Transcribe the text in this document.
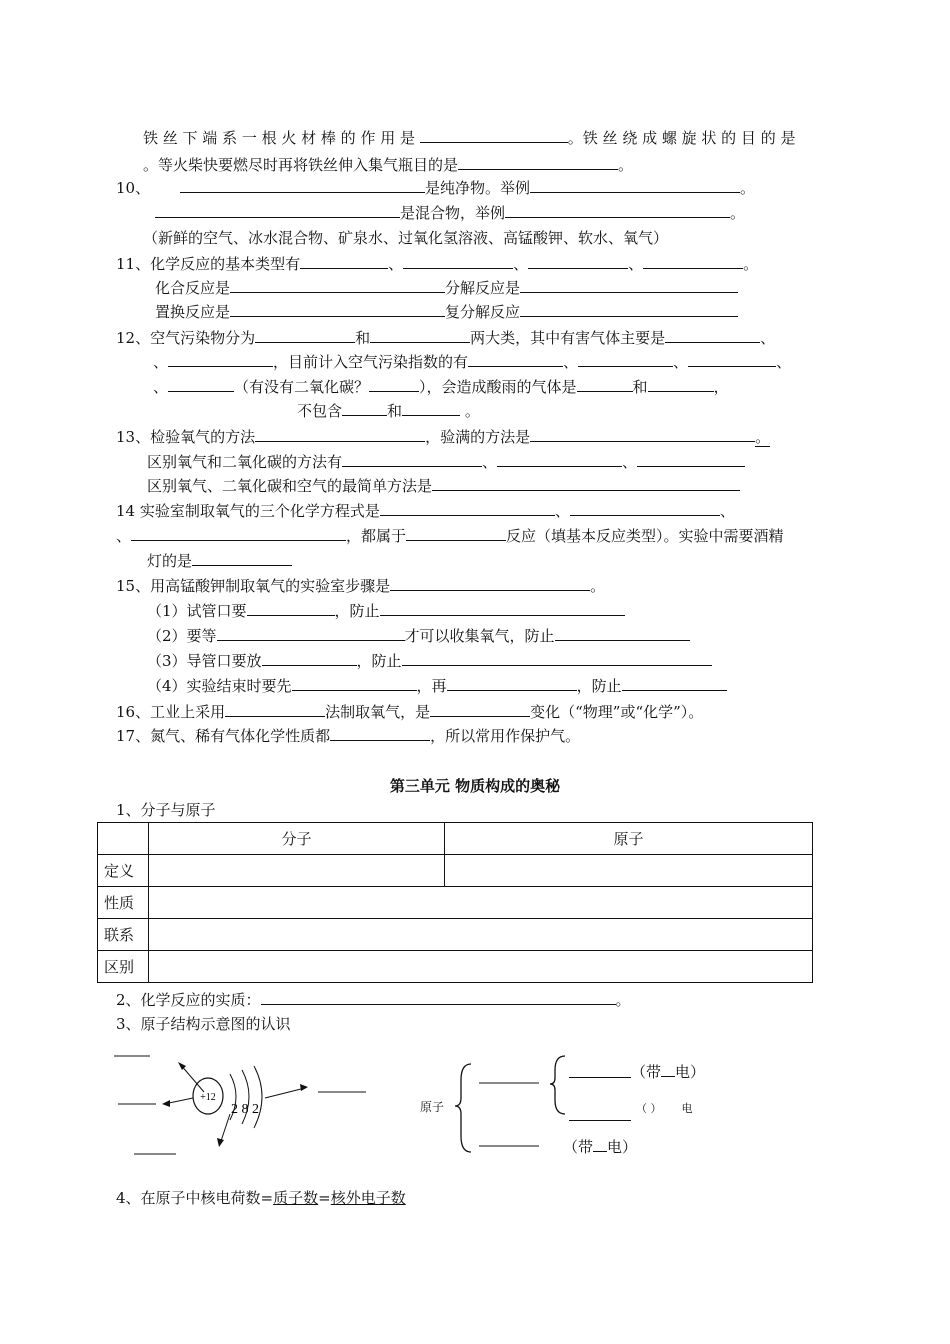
铁 丝 下 端 系 一 根 火 材 棒 的 作 用 是	。铁 丝 绕 成 螺 旋 状 的 目 的 是
。等火柴快要燃尽时再将铁丝伸入集气瓶目的是	。
10、	是纯净物。举例	。
是混合物，举例	。
（新鲜的空气、冰水混合物、矿泉水、过氧化氢溶液、高锰酸钾、软水、氧气）
11、化学反应的基本类型有	、	、	、	。
化合反应是	分解反应是
置换反应是	复分解反应
12、空气污染物分为	和	两大类，其中有害气体主要是	、
、	，目前计入空气污染指数的有	、	、	、
、	（有没有二氧化碳？	），会造成酸雨的气体是	和	，
不包含	和	。
13、检验氧气的方法	，验满的方法是	。
区别氧气和二氧化碳的方法有	、	、
区别氧气、二氧化碳和空气的最简单方法是
14 实验室制取氧气的三个化学方程式是	、	、
、	，都属于	反应（填基本反应类型）。实验中需要酒精
灯的是
15、用高锰酸钾制取氧气的实验室步骤是	。
（1）试管口要	，防止
（2）要等	才可以收集氧气，防止
（3）导管口要放	，防止
（4）实验结束时要先	，再	，防止
16、工业上采用	法制取氧气，是	变化（“物理”或“化学”）。
17、氮气、稀有气体化学性质都	，所以常用作保护气。
第三单元 物质构成的奥秘
1、分子与原子
	分子	原子
定义		
性质		
联系		
区别		
2、化学反应的实质：	。
3、原子结构示意图的认识
+12
2 8 2	原子
（带 电）
（ ） 电
（带 电）
4、在原子中核电荷数=质子数=核外电子数
